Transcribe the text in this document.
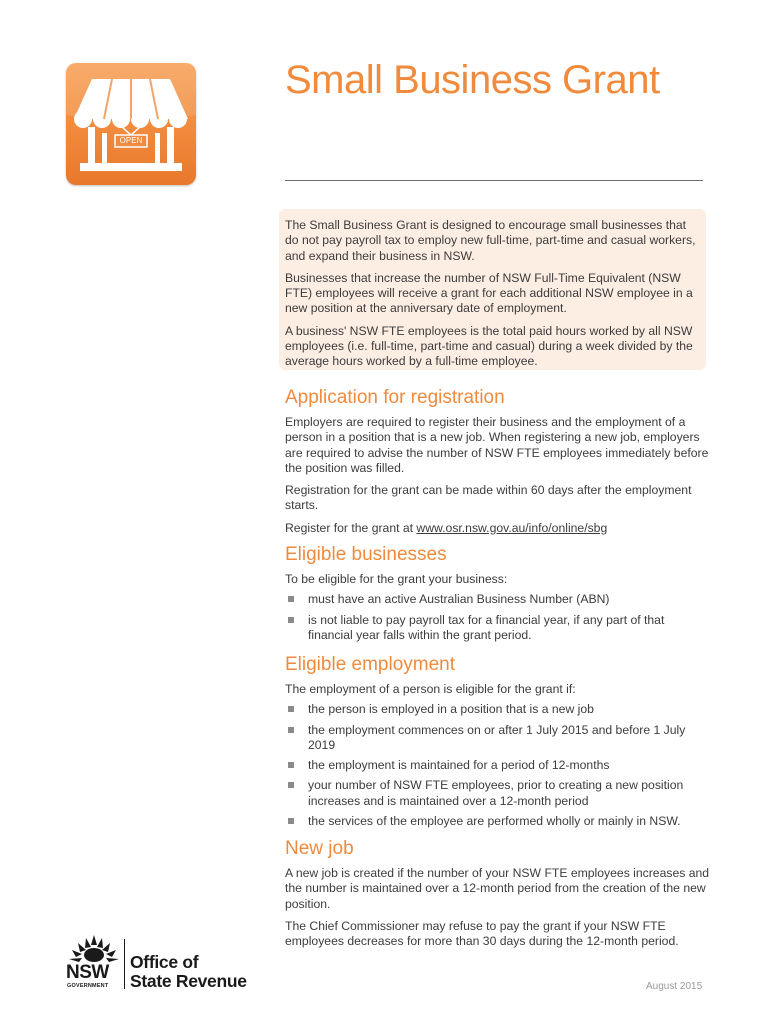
OPEN
Small Business Grant

The Small Business Grant is designed to encourage small businesses that do not pay payroll tax to employ new full-time, part-time and casual workers, and expand their business in NSW.

Businesses that increase the number of NSW Full-Time Equivalent (NSW FTE) employees will receive a grant for each additional NSW employee in a new position at the anniversary date of employment.

A business' NSW FTE employees is the total paid hours worked by all NSW employees (i.e. full-time, part-time and casual) during a week divided by the average hours worked by a full-time employee.

Application for registration

Employers are required to register their business and the employment of a person in a position that is a new job. When registering a new job, employers are required to advise the number of NSW FTE employees immediately before the position was filled.

Registration for the grant can be made within 60 days after the employment starts.

Register for the grant at www.osr.nsw.gov.au/info/online/sbg

Eligible businesses

To be eligible for the grant your business:

must have an active Australian Business Number (ABN)
is not liable to pay payroll tax for a financial year, if any part of that financial year falls within the grant period.
Eligible employment

The employment of a person is eligible for the grant if:

the person is employed in a position that is a new job
the employment commences on or after 1 July 2015 and before 1 July 2019
the employment is maintained for a period of 12-months
your number of NSW FTE employees, prior to creating a new position increases and is maintained over a 12-month period
the services of the employee are performed wholly or mainly in NSW.
New job

A new job is created if the number of your NSW FTE employees increases and the number is maintained over a 12-month period from the creation of the new position.

The Chief Commissioner may refuse to pay the grant if your NSW FTE employees decreases for more than 30 days during the 12-month period.

NSW
GOVERNMENT
Office of
State Revenue	August 2015
